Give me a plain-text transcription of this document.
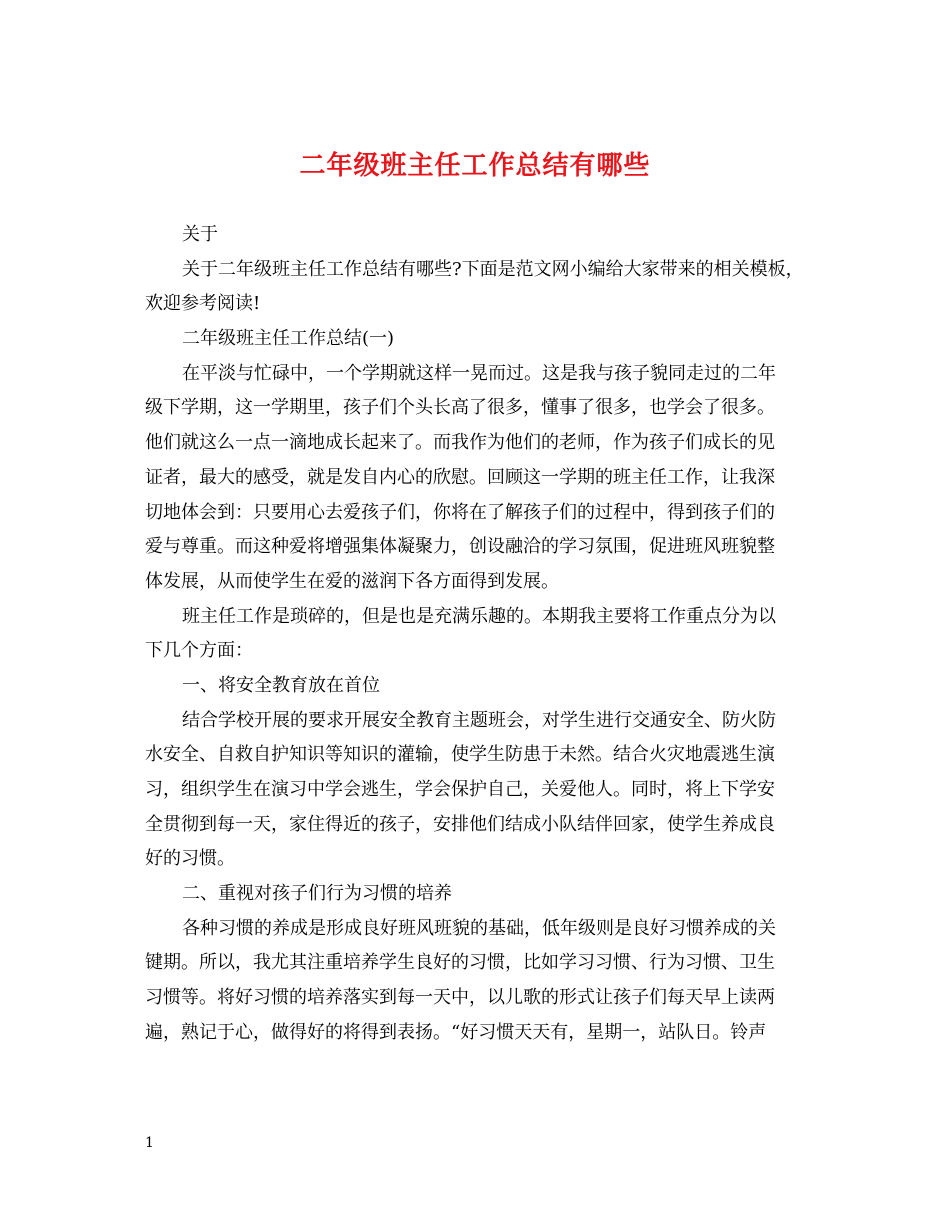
二年级班主任工作总结有哪些
关于
关于二年级班主任工作总结有哪些?下面是范文网小编给大家带来的相关模板，
欢迎参考阅读!
二年级班主任工作总结(一)
在平淡与忙碌中，一个学期就这样一晃而过。这是我与孩子貌同走过的二年
级下学期，这一学期里，孩子们个头长高了很多，懂事了很多，也学会了很多。
他们就这么一点一滴地成长起来了。而我作为他们的老师，作为孩子们成长的见
证者，最大的感受，就是发自内心的欣慰。回顾这一学期的班主任工作，让我深
切地体会到：只要用心去爱孩子们，你将在了解孩子们的过程中，得到孩子们的
爱与尊重。而这种爱将增强集体凝聚力，创设融洽的学习氛围，促进班风班貌整
体发展，从而使学生在爱的滋润下各方面得到发展。
班主任工作是琐碎的，但是也是充满乐趣的。本期我主要将工作重点分为以
下几个方面：
一、将安全教育放在首位
结合学校开展的要求开展安全教育主题班会，对学生进行交通安全、防火防
水安全、自救自护知识等知识的灌输，使学生防患于未然。结合火灾地震逃生演
习，组织学生在演习中学会逃生，学会保护自己，关爱他人。同时，将上下学安
全贯彻到每一天，家住得近的孩子，安排他们结成小队结伴回家，使学生养成良
好的习惯。
二、重视对孩子们行为习惯的培养
各种习惯的养成是形成良好班风班貌的基础，低年级则是良好习惯养成的关
键期。所以，我尤其注重培养学生良好的习惯，比如学习习惯、行为习惯、卫生
习惯等。将好习惯的培养落实到每一天中，以儿歌的形式让孩子们每天早上读两
遍，熟记于心，做得好的将得到表扬。“好习惯天天有，星期一，站队日。铃声
1
